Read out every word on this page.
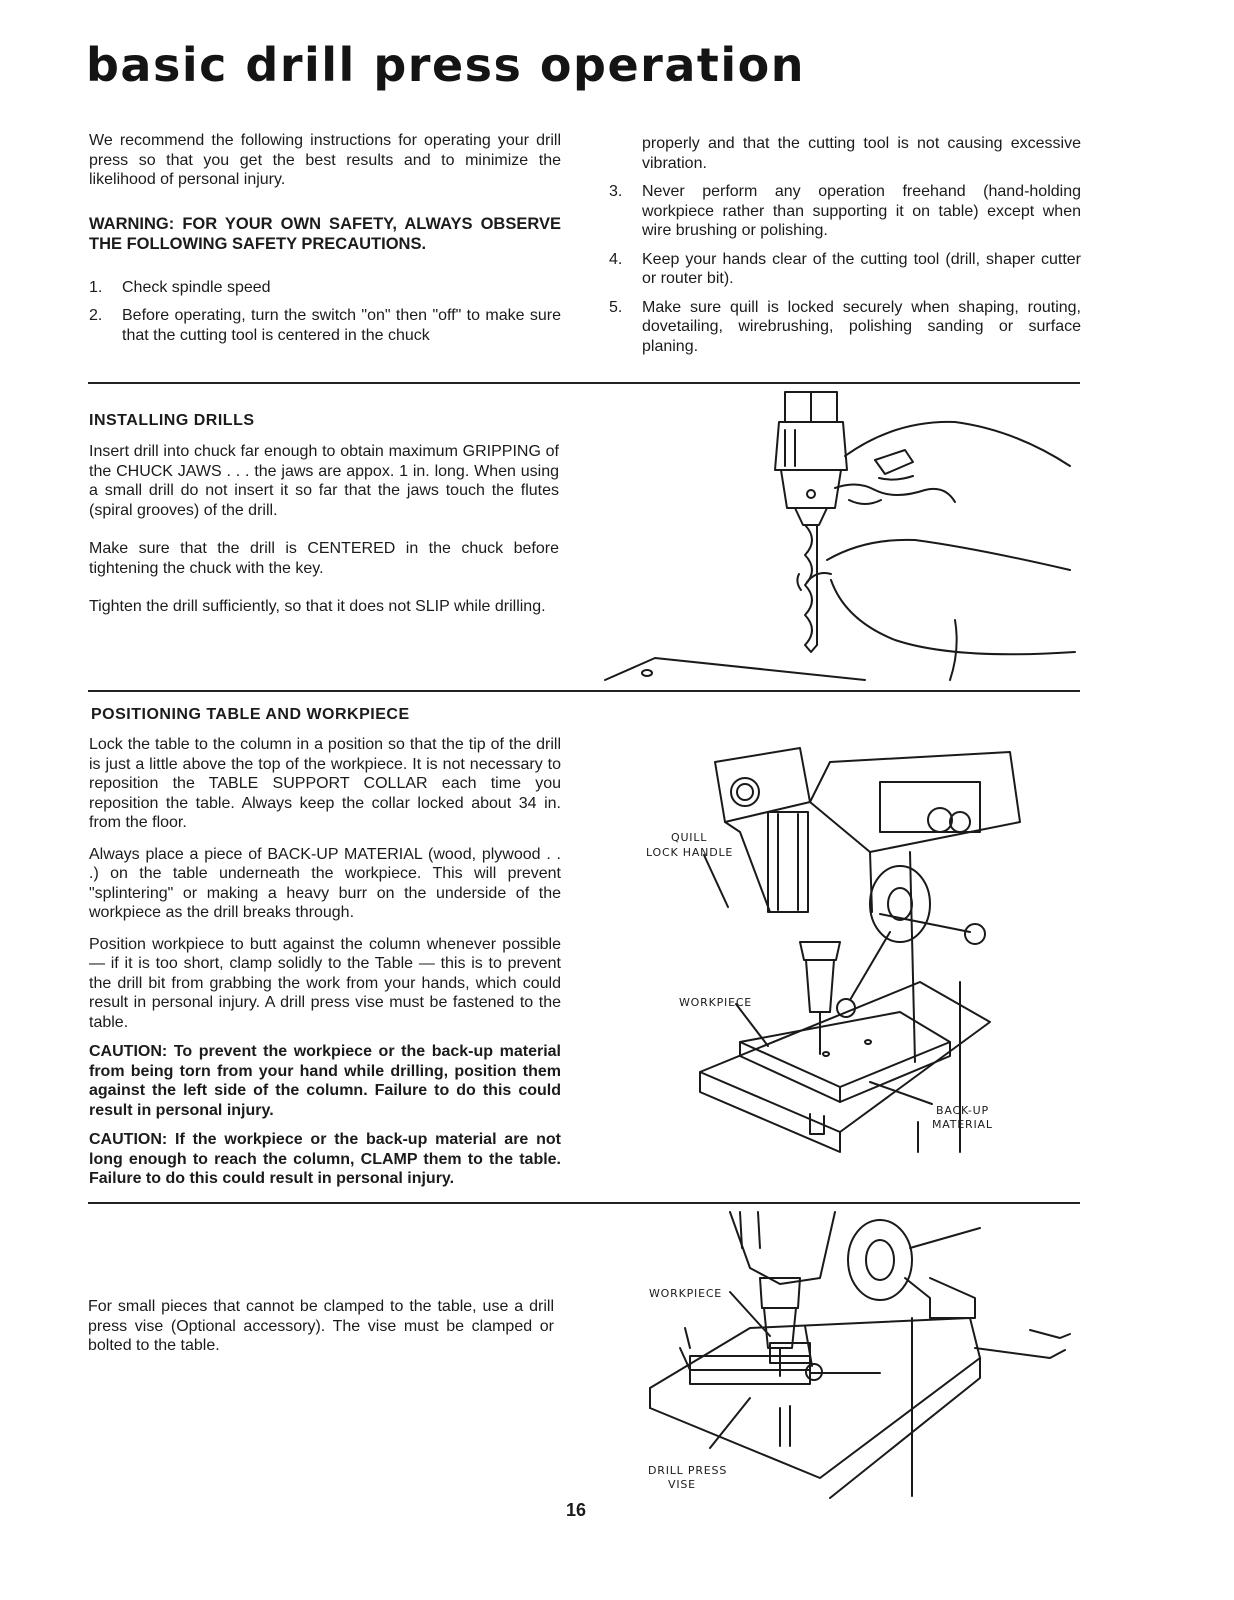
basic drill press operation

We recommend the following instructions for operating your drill press so that you get the best results and to minimize the likelihood of personal injury.

WARNING: FOR YOUR OWN SAFETY, ALWAYS OBSERVE THE FOLLOWING SAFETY PRECAUTIONS.

1.	Check spindle speed
2.	Before operating, turn the switch "on" then "off" to make sure that the cutting tool is centered in the chuck

properly and that the cutting tool is not causing excessive vibration.

3.	Never perform any operation freehand (hand-holding workpiece rather than supporting it on table) except when wire brushing or polishing.
4.	Keep your hands clear of the cutting tool (drill, shaper cutter or router bit).
5.	Make sure quill is locked securely when shaping, routing, dovetailing, wirebrushing, polishing sanding or surface planing.
INSTALLING DRILLS

Insert drill into chuck far enough to obtain maximum GRIPPING of the CHUCK JAWS . . . the jaws are appox. 1 in. long. When using a small drill do not insert it so far that the jaws touch the flutes (spiral grooves) of the drill.

Make sure that the drill is CENTERED in the chuck before tightening the chuck with the key.

Tighten the drill sufficiently, so that it does not SLIP while drilling.

POSITIONING TABLE AND WORKPIECE

Lock the table to the column in a position so that the tip of the drill is just a little above the top of the workpiece. It is not necessary to reposition the TABLE SUPPORT COLLAR each time you reposition the table. Always keep the collar locked about 34 in. from the floor.

Always place a piece of BACK-UP MATERIAL (wood, plywood . . .) on the table underneath the workpiece. This will prevent "splintering" or making a heavy burr on the underside of the workpiece as the drill breaks through.

Position workpiece to butt against the column whenever possible — if it is too short, clamp solidly to the Table — this is to prevent the drill bit from grabbing the work from your hands, which could result in personal injury. A drill press vise must be fastened to the table.

CAUTION: To prevent the workpiece or the back-up material from being torn from your hand while drilling, position them against the left side of the column. Failure to do this could result in personal injury.

CAUTION: If the workpiece or the back-up material are not long enough to reach the column, CLAMP them to the table. Failure to do this could result in personal injury.

QUILL
LOCK HANDLE
WORKPIECE
BACK-UP
MATERIAL

For small pieces that cannot be clamped to the table, use a drill press vise (Optional accessory). The vise must be clamped or bolted to the table.

WORKPIECE
DRILL PRESS
VISE
16
